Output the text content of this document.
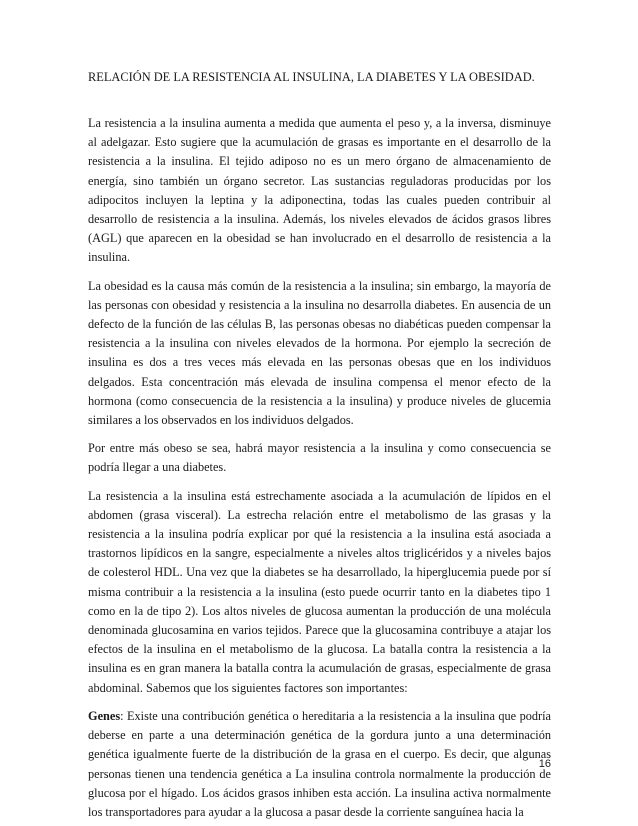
RELACIÓN DE LA RESISTENCIA AL INSULINA, LA DIABETES Y LA OBESIDAD.

La resistencia a la insulina aumenta a medida que aumenta el peso y, a la inversa, disminuye al adelgazar. Esto sugiere que la acumulación de grasas es importante en el desarrollo de la resistencia a la insulina. El tejido adiposo no es un mero órgano de almacenamiento de energía, sino también un órgano secretor. Las sustancias reguladoras producidas por los adipocitos incluyen la leptina y la adiponectina, todas las cuales pueden contribuir al desarrollo de resistencia a la insulina. Además, los niveles elevados de ácidos grasos libres (AGL) que aparecen en la obesidad se han involucrado en el desarrollo de resistencia a la insulina.

La obesidad es la causa más común de la resistencia a la insulina; sin embargo, la mayoría de las personas con obesidad y resistencia a la insulina no desarrolla diabetes. En ausencia de un defecto de la función de las células B, las personas obesas no diabéticas pueden compensar la resistencia a la insulina con niveles elevados de la hormona. Por ejemplo la secreción de insulina es dos a tres veces más elevada en las personas obesas que en los individuos delgados. Esta concentración más elevada de insulina compensa el menor efecto de la hormona (como consecuencia de la resistencia a la insulina) y produce niveles de glucemia similares a los observados en los individuos delgados.

Por entre más obeso se sea, habrá mayor resistencia a la insulina y como consecuencia se podría llegar a una diabetes.

La resistencia a la insulina está estrechamente asociada a la acumulación de lípidos en el abdomen (grasa visceral). La estrecha relación entre el metabolismo de las grasas y la resistencia a la insulina podría explicar por qué la resistencia a la insulina está asociada a trastornos lipídicos en la sangre, especialmente a niveles altos triglicéridos y a niveles bajos de colesterol HDL. Una vez que la diabetes se ha desarrollado, la hiperglucemia puede por sí misma contribuir a la resistencia a la insulina (esto puede ocurrir tanto en la diabetes tipo 1 como en la de tipo 2). Los altos niveles de glucosa aumentan la producción de una molécula denominada glucosamina en varios tejidos. Parece que la glucosamina contribuye a atajar los efectos de la insulina en el metabolismo de la glucosa. La batalla contra la resistencia a la insulina es en gran manera la batalla contra la acumulación de grasas, especialmente de grasa abdominal. Sabemos que los siguientes factores son importantes:

Genes: Existe una contribución genética o hereditaria a la resistencia a la insulina que podría deberse en parte a una determinación genética de la gordura junto a una determinación genética igualmente fuerte de la distribución de la grasa en el cuerpo. Es decir, que algunas personas tienen una tendencia genética a La insulina controla normalmente la producción de glucosa por el hígado. Los ácidos grasos inhiben esta acción. La insulina activa normalmente los transportadores para ayudar a la glucosa a pasar desde la corriente sanguínea hacia la

16
